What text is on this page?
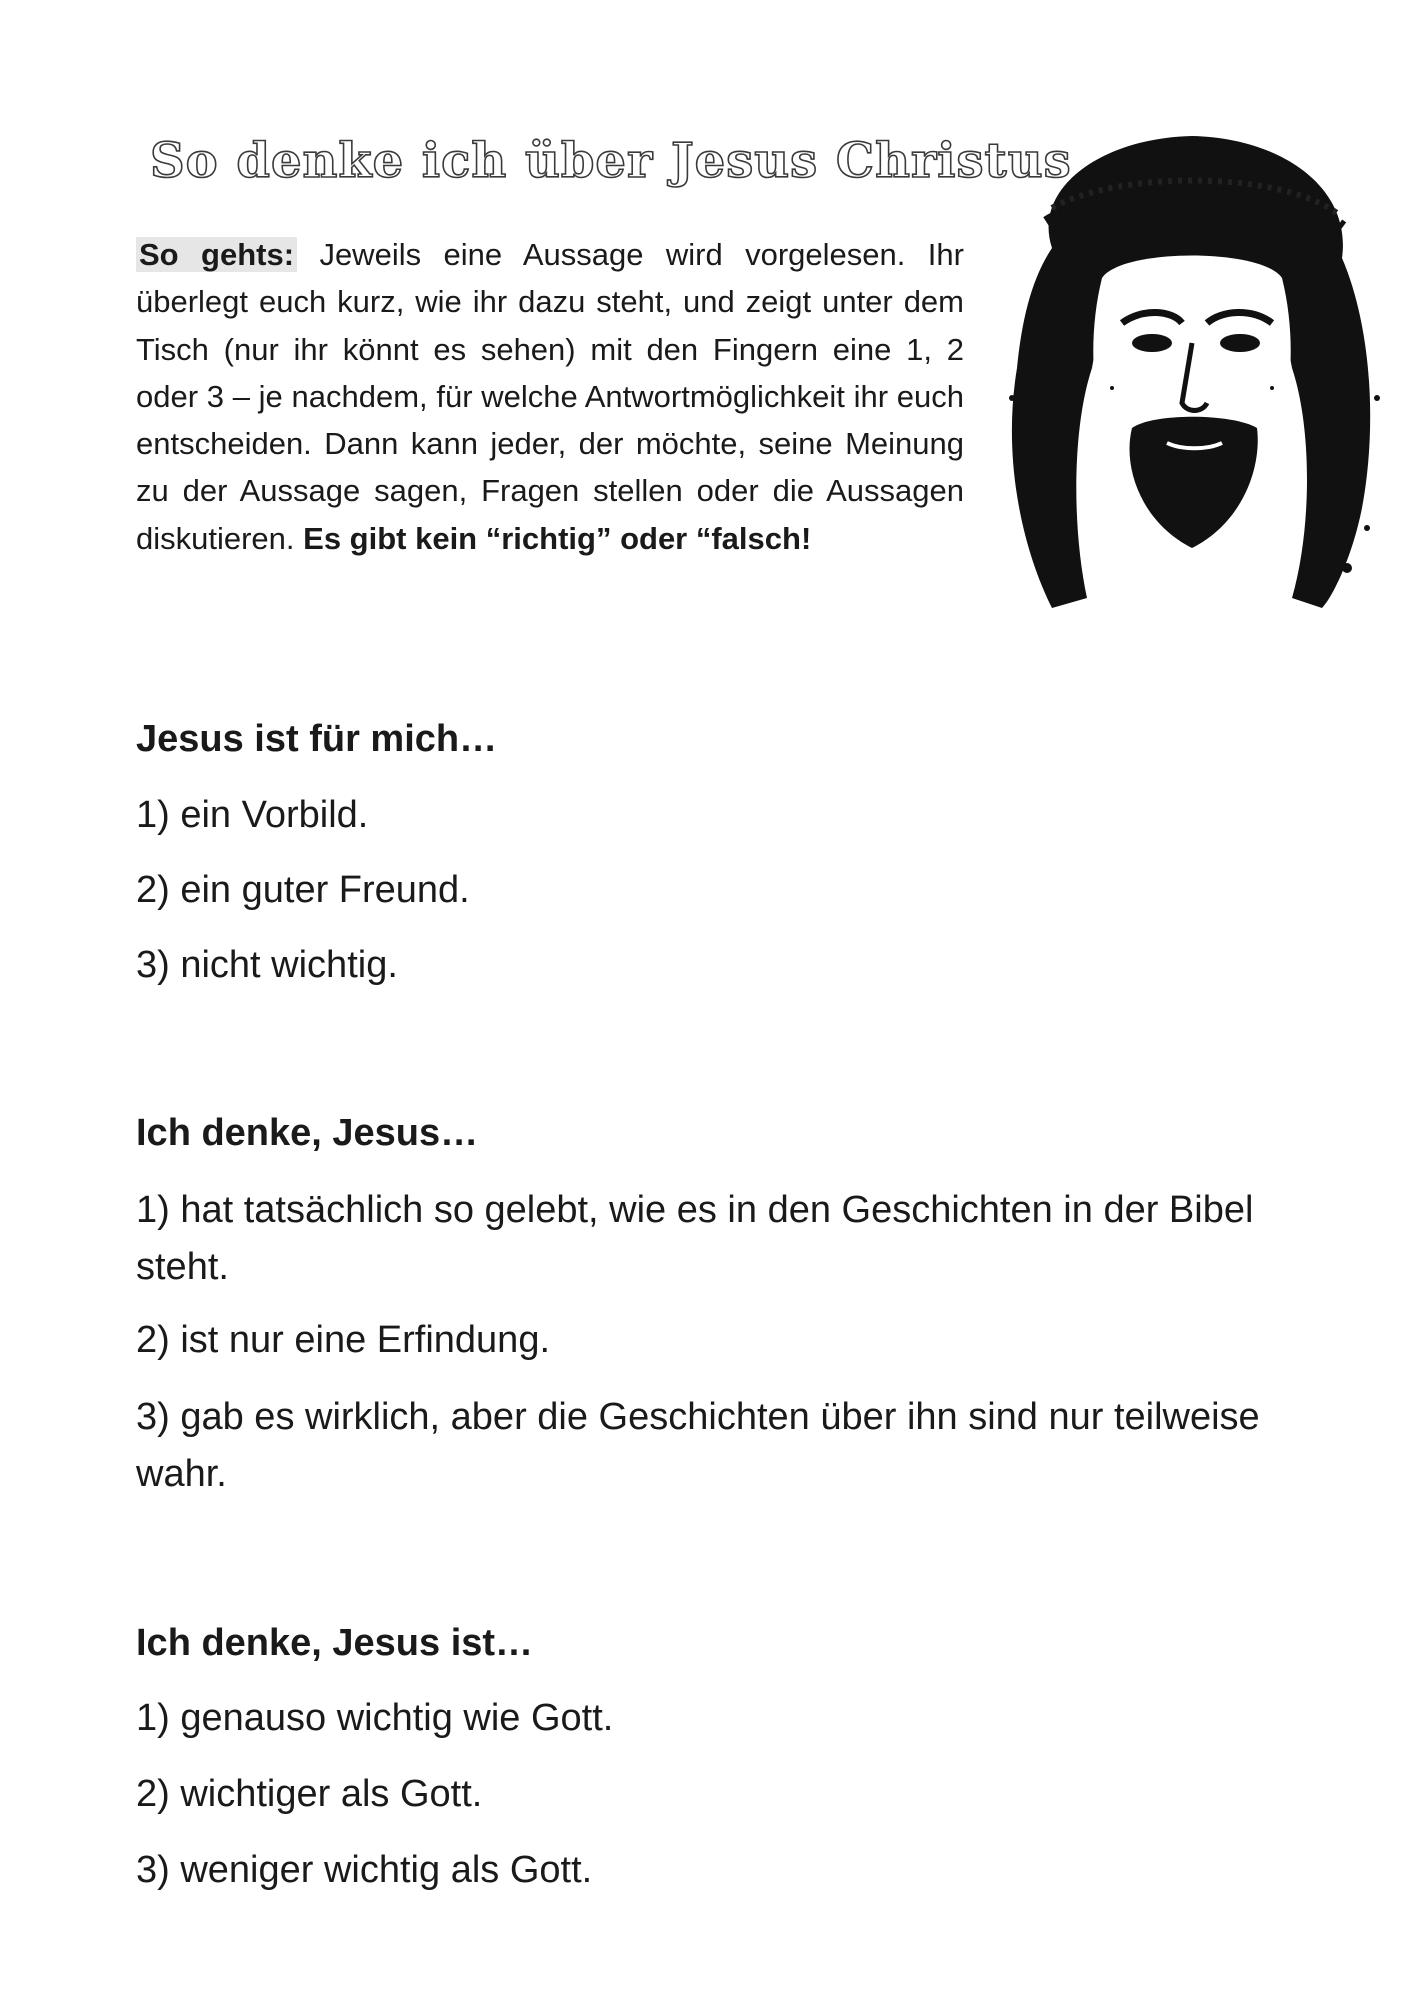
So denke ich über Jesus Christus
So gehts: Jeweils eine Aussage wird vorgelesen. Ihr überlegt euch kurz, wie ihr dazu steht, und zeigt unter dem Tisch (nur ihr könnt es sehen) mit den Fingern eine 1, 2 oder 3 – je nachdem, für welche Antwortmöglichkeit ihr euch entscheiden. Dann kann jeder, der möchte, seine Meinung zu der Aussage sagen, Fragen stellen oder die Aussagen diskutieren. Es gibt kein “richtig” oder “falsch!
Jesus ist für mich…
1) ein Vorbild.
2) ein guter Freund.
3) nicht wichtig.
Ich denke, Jesus…
1) hat tatsächlich so gelebt, wie es in den Geschichten in der Bibel steht.
2) ist nur eine Erfindung.
3) gab es wirklich, aber die Geschichten über ihn sind nur teilweise wahr.
Ich denke, Jesus ist…
1) genauso wichtig wie Gott.
2) wichtiger als Gott.
3) weniger wichtig als Gott.
